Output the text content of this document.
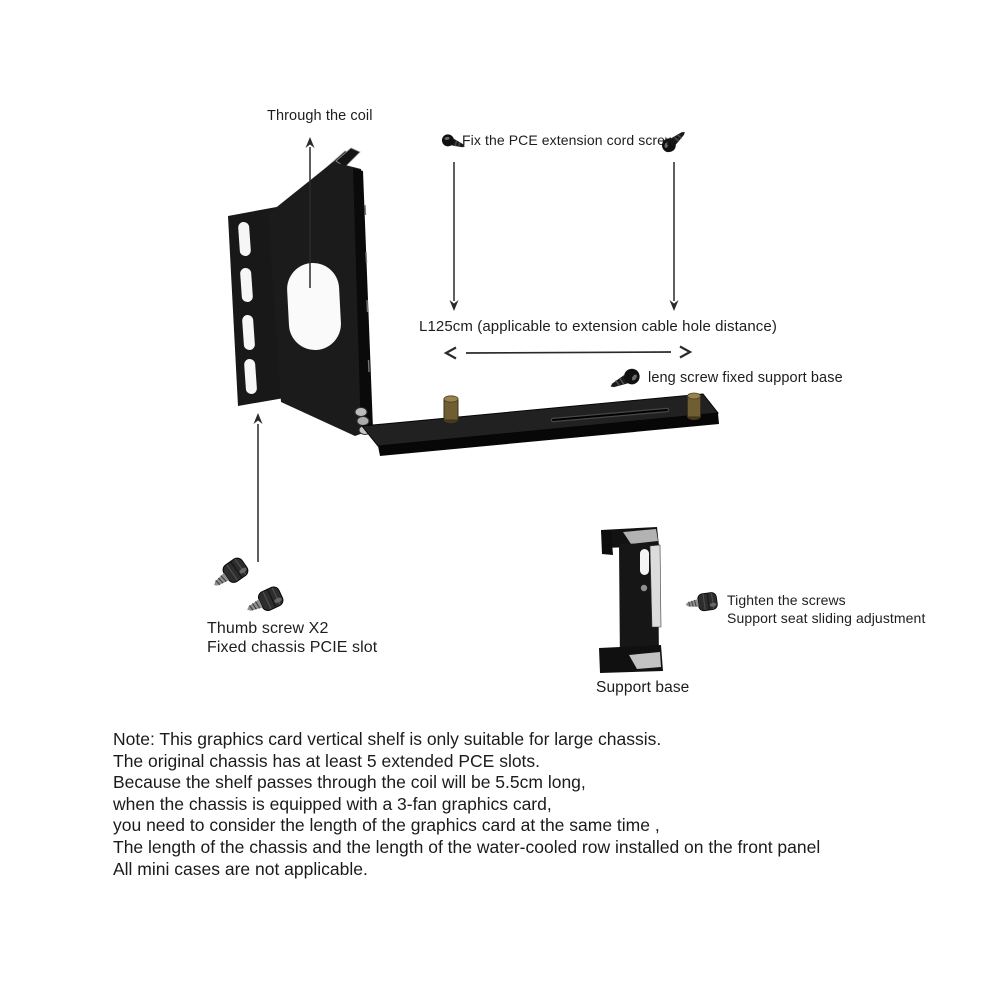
Through the coil
Fix the PCE extension cord screw
L125cm (applicable to extension cable hole distance)
leng screw fixed support base
Thumb screw X2
Fixed chassis PCIE slot
Tighten the screws
Support seat sliding adjustment
Support base
Note: This graphics card vertical shelf is only suitable for large chassis.
The original chassis has at least 5 extended PCE slots.
Because the shelf passes through the coil will be 5.5cm long,
when the chassis is equipped with a 3-fan graphics card,
you need to consider the length of the graphics card at the same time ,
The length of the chassis and the length of the water-cooled row installed on the front panel
All mini cases are not applicable.
